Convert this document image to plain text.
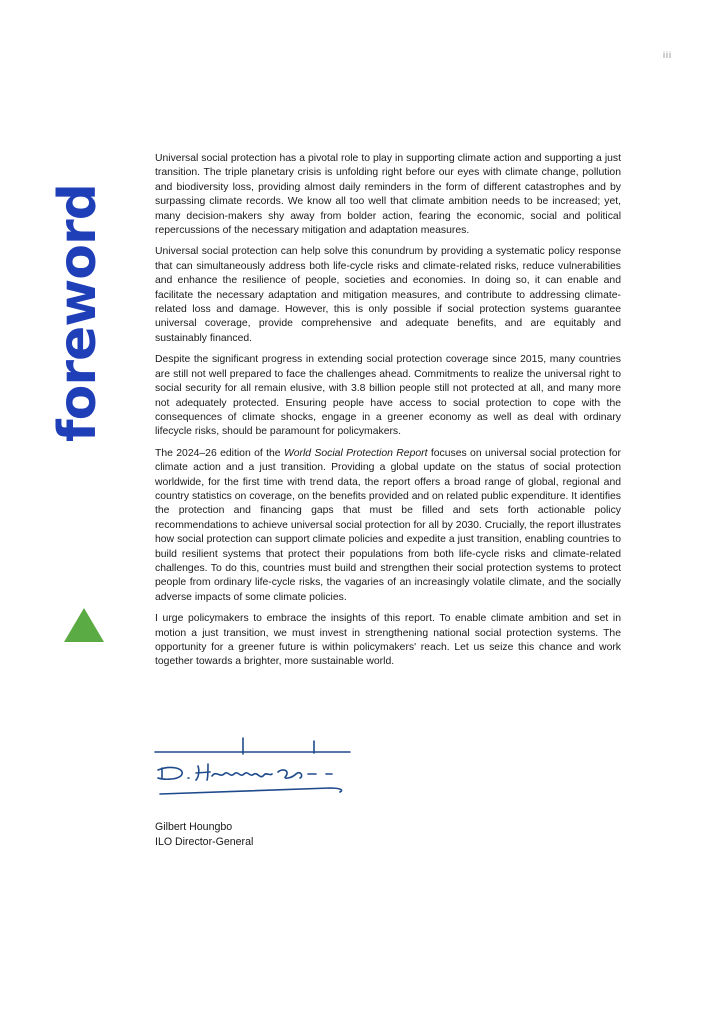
iii
foreword

Universal social protection has a pivotal role to play in supporting climate action and supporting a just transition. The triple planetary crisis is unfolding right before our eyes with climate change, pollution and biodiversity loss, providing almost daily reminders in the form of different catastrophes and by surpassing climate records. We know all too well that climate ambition needs to be increased; yet, many decision-makers shy away from bolder action, fearing the economic, social and political repercussions of the necessary mitigation and adaptation measures.

Universal social protection can help solve this conundrum by providing a systematic policy response that can simultaneously address both life-cycle risks and climate-related risks, reduce vulnerabilities and enhance the resilience of people, societies and economies. In doing so, it can enable and facilitate the necessary adaptation and mitigation measures, and contribute to addressing climate-related loss and damage. However, this is only possible if social protection systems guarantee universal coverage, provide comprehensive and adequate benefits, and are equitably and sustainably financed.

Despite the significant progress in extending social protection coverage since 2015, many countries are still not well prepared to face the challenges ahead. Commitments to realize the universal right to social security for all remain elusive, with 3.8 billion people still not protected at all, and many more not adequately protected. Ensuring people have access to social protection to cope with the consequences of climate shocks, engage in a greener economy as well as deal with ordinary lifecycle risks, should be paramount for policymakers.

The 2024–26 edition of the World Social Protection Report focuses on universal social protection for climate action and a just transition. Providing a global update on the status of social protection worldwide, for the first time with trend data, the report offers a broad range of global, regional and country statistics on coverage, on the benefits provided and on related public expenditure. It identifies the protection and financing gaps that must be filled and sets forth actionable policy recommendations to achieve universal social protection for all by 2030. Crucially, the report illustrates how social protection can support climate policies and expedite a just transition, enabling countries to build resilient systems that protect their populations from both life-cycle risks and climate-related challenges. To do this, countries must build and strengthen their social protection systems to protect people from ordinary life-cycle risks, the vagaries of an increasingly volatile climate, and the socially adverse impacts of some climate policies.

I urge policymakers to embrace the insights of this report. To enable climate ambition and set in motion a just transition, we must invest in strengthening national social protection systems. The opportunity for a greener future is within policymakers' reach. Let us seize this chance and work together towards a brighter, more sustainable world.

Gilbert Houngbo
ILO Director-General
